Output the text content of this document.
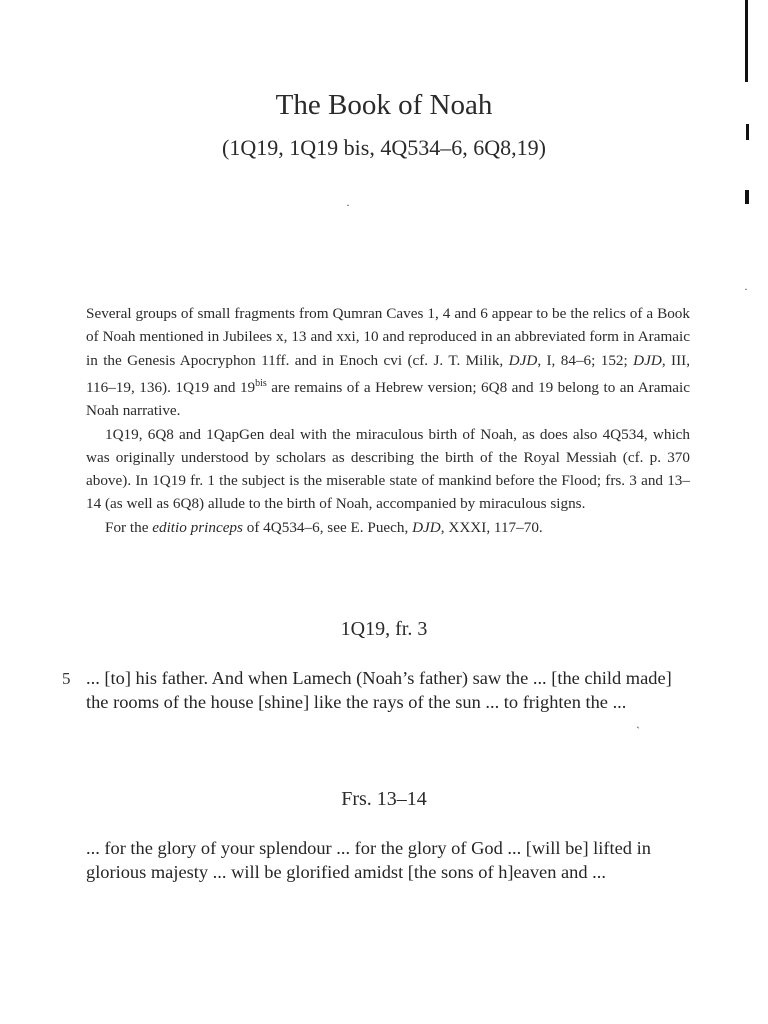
·
·
`
The Book of Noah
(1Q19, 1Q19 bis, 4Q534–6, 6Q8,19)

Several groups of small fragments from Qumran Caves 1, 4 and 6 appear to be the relics of a Book of Noah mentioned in Jubilees x, 13 and xxi, 10 and reproduced in an abbreviated form in Aramaic in the Genesis Apocryphon 11ff. and in Enoch cvi (cf. J. T. Milik, DJD, I, 84–6; 152; DJD, III, 116–19, 136). 1Q19 and $19^{bis}$ are remains of a Hebrew version; 6Q8 and 19 belong to an Aramaic Noah narrative.

1Q19, 6Q8 and 1QapGen deal with the miraculous birth of Noah, as does also 4Q534, which was originally understood by scholars as describing the birth of the Royal Messiah (cf. p. 370 above). In 1Q19 fr. 1 the subject is the miserable state of mankind before the Flood; frs. 3 and 13–14 (as well as 6Q8) allude to the birth of Noah, accompanied by miraculous signs.

For the editio princeps of 4Q534–6, see E. Puech, DJD, XXXI, 117–70.

1Q19, fr. 3
5 ... [to] his father. And when Lamech (Noah’s father) saw the ... [the child made] the rooms of the house [shine] like the rays of the sun ... to frighten the ...

Frs. 13–14

... for the glory of your splendour ... for the glory of God ... [will be] lifted in glorious majesty ... will be glorified amidst [the sons of h]eaven and ...
